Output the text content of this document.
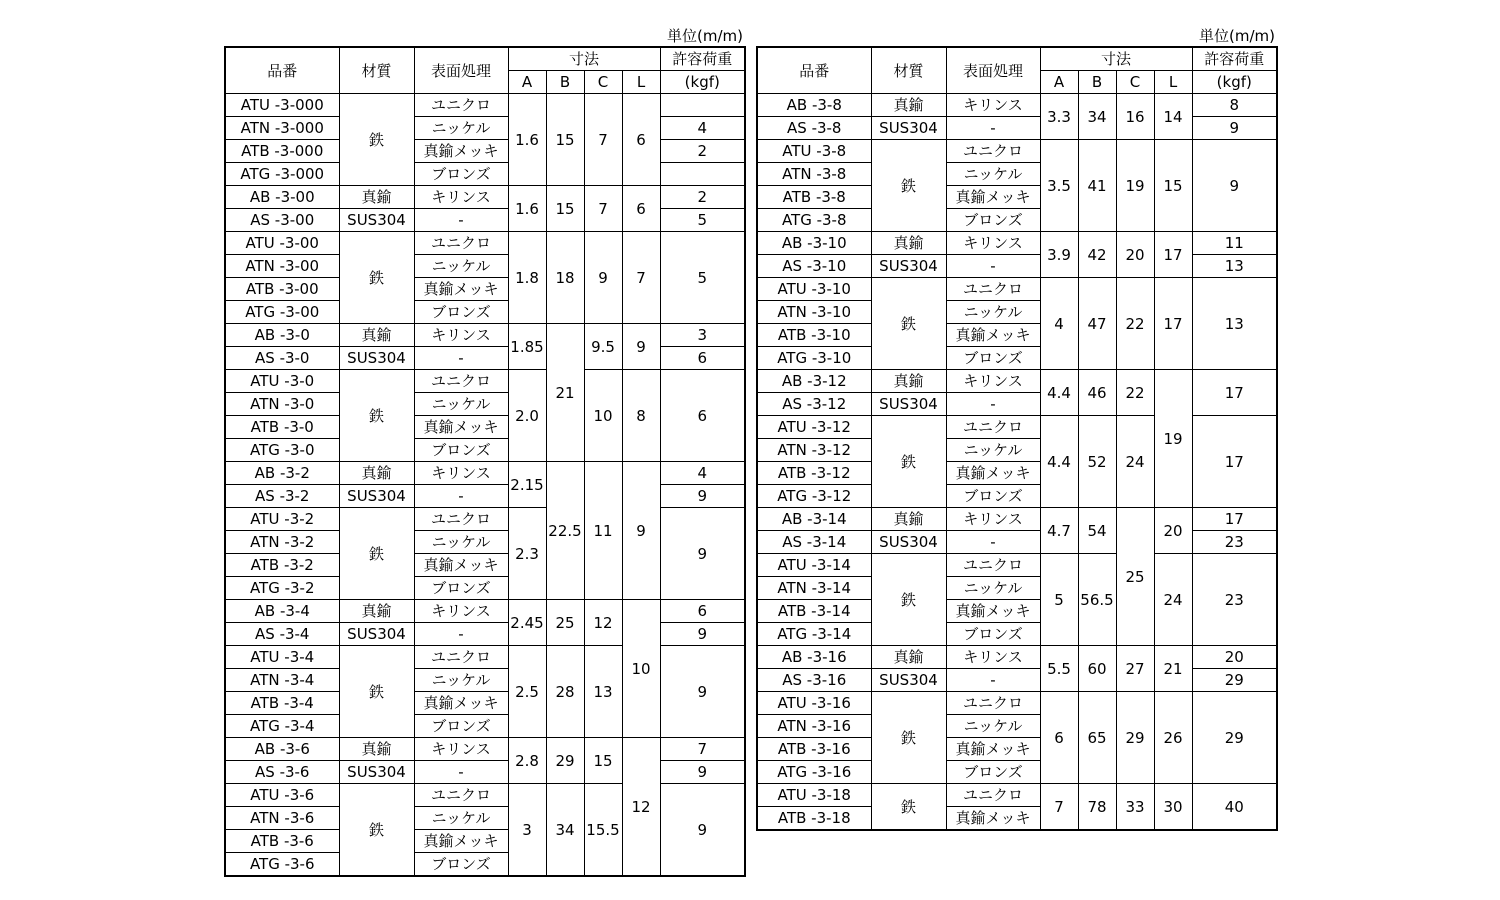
単位(m/m)	単位(m/m)
品番	材質	表面処理	寸法				許容荷重
			A	B	C	L	(kgf)
ATU -3-000	鉄	ユニクロ	1.6	15	7	6	
ATN -3-000		ニッケル					4
ATB -3-000		真鍮メッキ					2
ATG -3-000		ブロンズ					
AB -3-00	真鍮	キリンス	1.6	15	7	6	2
AS -3-00	SUS304	-					5
ATU -3-00	鉄	ユニクロ	1.8	18	9	7	5
ATN -3-00		ニッケル					
ATB -3-00		真鍮メッキ					
ATG -3-00		ブロンズ					
AB -3-0	真鍮	キリンス	1.85	21	9.5	9	3
AS -3-0	SUS304	-					6
ATU -3-0	鉄	ユニクロ	2.0		10	8	6
ATN -3-0		ニッケル					
ATB -3-0		真鍮メッキ					
ATG -3-0		ブロンズ					
AB -3-2	真鍮	キリンス	2.15	22.5	11	9	4
AS -3-2	SUS304	-					9
ATU -3-2	鉄	ユニクロ	2.3				9
ATN -3-2		ニッケル					
ATB -3-2		真鍮メッキ					
ATG -3-2		ブロンズ					
AB -3-4	真鍮	キリンス	2.45	25	12	10	6
AS -3-4	SUS304	-					9
ATU -3-4	鉄	ユニクロ	2.5	28	13		9
ATN -3-4		ニッケル					
ATB -3-4		真鍮メッキ					
ATG -3-4		ブロンズ					
AB -3-6	真鍮	キリンス	2.8	29	15	12	7
AS -3-6	SUS304	-					9
ATU -3-6	鉄	ユニクロ	3	34	15.5		9
ATN -3-6		ニッケル					
ATB -3-6		真鍮メッキ					
ATG -3-6		ブロンズ					
品番	材質	表面処理	寸法				許容荷重
			A	B	C	L	(kgf)
AB -3-8	真鍮	キリンス	3.3	34	16	14	8
AS -3-8	SUS304	-					9
ATU -3-8	鉄	ユニクロ	3.5	41	19	15	9
ATN -3-8		ニッケル					
ATB -3-8		真鍮メッキ					
ATG -3-8		ブロンズ					
AB -3-10	真鍮	キリンス	3.9	42	20	17	11
AS -3-10	SUS304	-					13
ATU -3-10	鉄	ユニクロ	4	47	22	17	13
ATN -3-10		ニッケル					
ATB -3-10		真鍮メッキ					
ATG -3-10		ブロンズ					
AB -3-12	真鍮	キリンス	4.4	46	22	19	17
AS -3-12	SUS304	-					
ATU -3-12	鉄	ユニクロ	4.4	52	24		17
ATN -3-12		ニッケル					
ATB -3-12		真鍮メッキ					
ATG -3-12		ブロンズ					
AB -3-14	真鍮	キリンス	4.7	54	25	20	17
AS -3-14	SUS304	-					23
ATU -3-14	鉄	ユニクロ	5	56.5		24	23
ATN -3-14		ニッケル					
ATB -3-14		真鍮メッキ					
ATG -3-14		ブロンズ					
AB -3-16	真鍮	キリンス	5.5	60	27	21	20
AS -3-16	SUS304	-					29
ATU -3-16	鉄	ユニクロ	6	65	29	26	29
ATN -3-16		ニッケル					
ATB -3-16		真鍮メッキ					
ATG -3-16		ブロンズ					
ATU -3-18	鉄	ユニクロ	7	78	33	30	40
ATB -3-18		真鍮メッキ					
